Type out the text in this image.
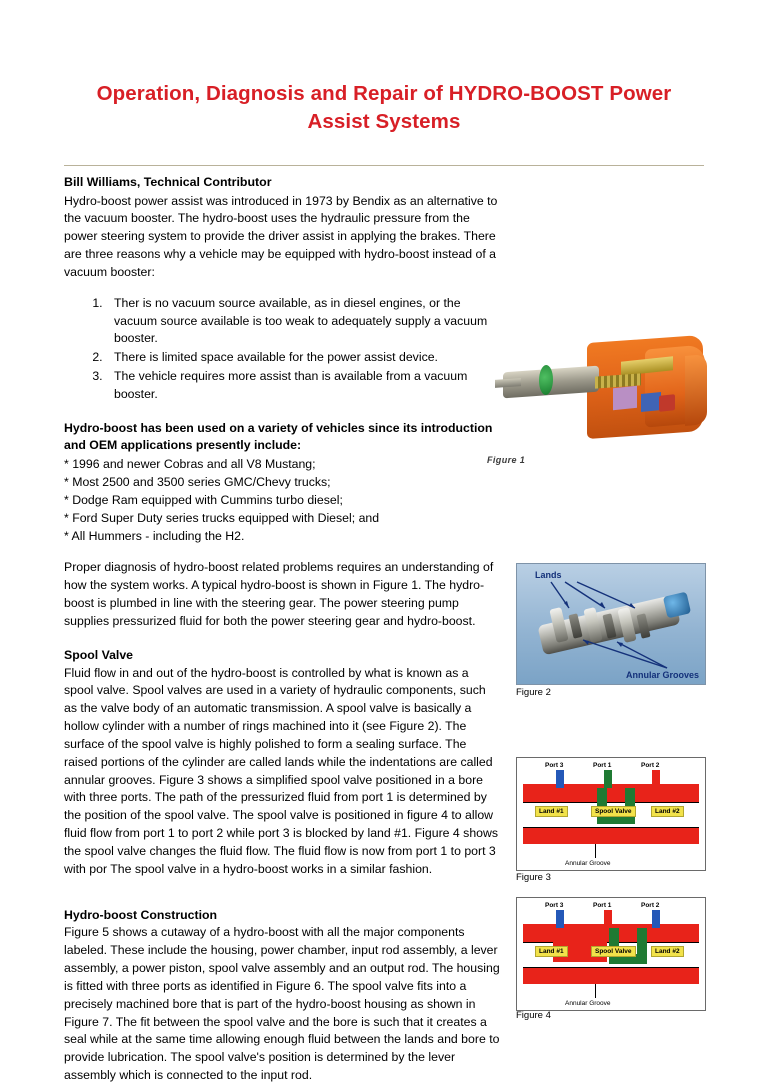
Operation, Diagnosis and Repair of HYDRO-BOOST Power Assist Systems
Bill Williams, Technical Contributor

Hydro-boost power assist was introduced in 1973 by Bendix as an alternative to the vacuum booster. The hydro-boost uses the hydraulic pressure from the power steering system to provide the driver assist in applying the brakes. There are three reasons why a vehicle may be equipped with hydro-boost instead of a vacuum booster:

1. Ther is no vacuum source available, as in diesel engines, or the vacuum source available is too weak to adequately supply a vacuum booster.
2. There is limited space available for the power assist device.
3. The vehicle requires more assist than is available from a vacuum booster.
Hydro-boost has been used on a variety of vehicles since its introduction and OEM applications presently include:
* 1996 and newer Cobras and all V8 Mustang;
* Most 2500 and 3500 series GMC/Chevy trucks;
* Dodge Ram equipped with Cummins turbo diesel;
* Ford Super Duty series trucks equipped with Diesel; and
* All Hummers - including the H2.

Proper diagnosis of hydro-boost related problems requires an understanding of how the system works. A typical hydro-boost is shown in Figure 1. The hydro-boost is plumbed in line with the steering gear. The power steering pump supplies pressurized fluid for both the power steering gear and hydro-boost.

Spool Valve

Fluid flow in and out of the hydro-boost is controlled by what is known as a spool valve. Spool valves are used in a variety of hydraulic components, such as the valve body of an automatic transmission. A spool valve is basically a hollow cylinder with a number of rings machined into it (see Figure 2). The surface of the spool valve is highly polished to form a sealing surface. The raised portions of the cylinder are called lands while the indentations are called annular grooves. Figure 3 shows a simplified spool valve positioned in a bore with three ports. The path of the pressurized fluid from port 1 is determined by the position of the spool valve. The spool valve is positioned in figure 4 to allow fluid flow from port 1 to port 2 while port 3 is blocked by land #1. Figure 4 shows the spool valve changes the fluid flow. The fluid flow is now from port 1 to port 3 with por The spool valve in a hydro-boost works in a similar fashion.

Hydro-boost Construction

Figure 5 shows a cutaway of a hydro-boost with all the major components labeled. These include the housing, power chamber, input rod assembly, a lever assembly, a power piston, spool valve assembly and an output rod. The housing is fitted with three ports as identified in Figure 6. The spool valve fits into a precisely machined bore that is part of the hydro-boost housing as shown in Figure 7. The fit between the spool valve and the bore is such that it creates a seal while at the same time allowing enough fluid between the lands and bore to provide lubrication. The spool valve's position is determined by the lever assembly which is connected to the input rod.

Figure 1
Lands
Annular Grooves
Figure 2
Port 3	Port 1	Port 2
Land #1	Spool Valve	Land #2
Annular Groove
Figure 3
Port 3	Port 1	Port 2
Land #1	Spool Valve	Land #2
Annular Groove
Figure 4
